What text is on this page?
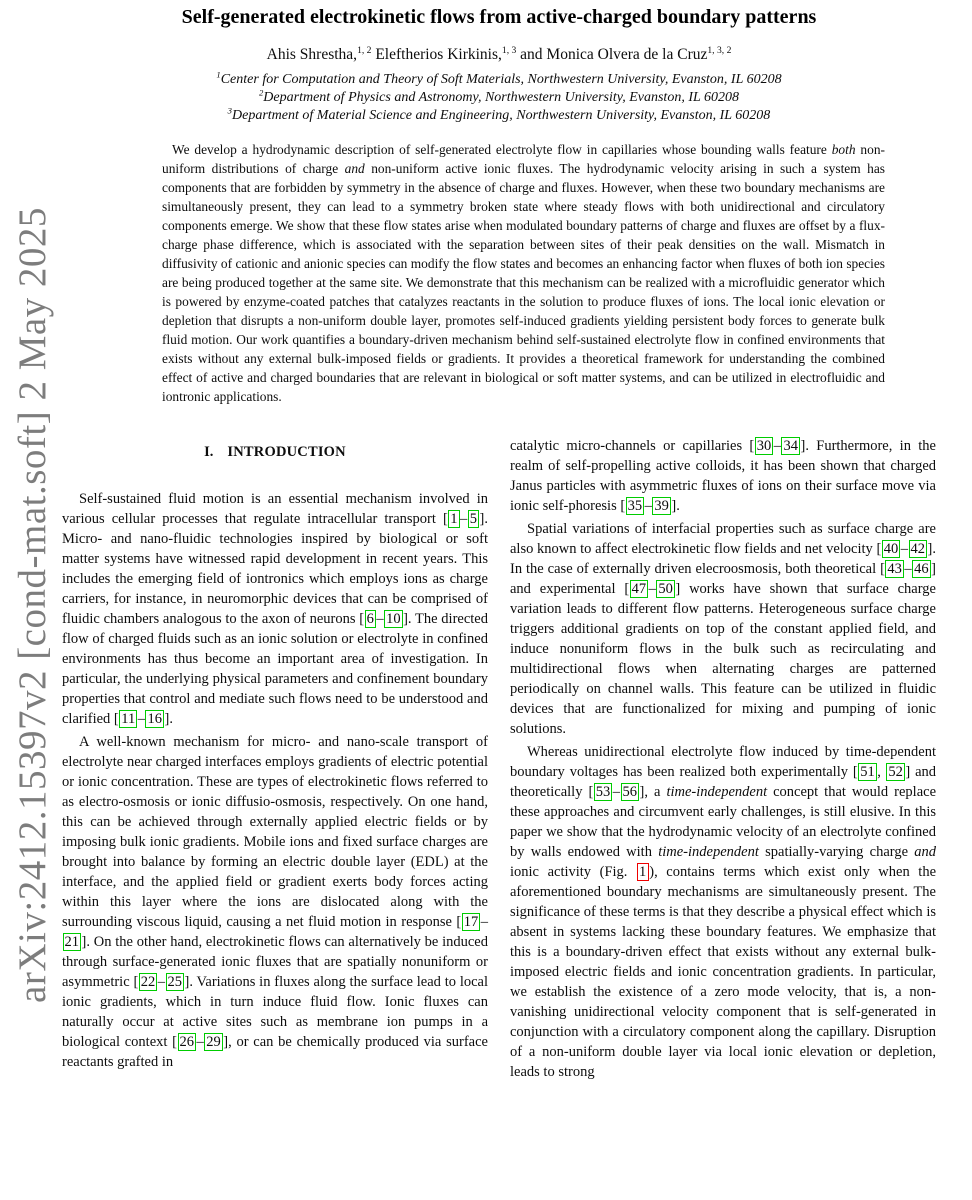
arXiv:2412.15397v2 [cond-mat.soft] 2 May 2025
Self-generated electrokinetic flows from active-charged boundary patterns
Ahis Shrestha,$^{1, 2}$ Eleftherios Kirkinis,$^{1, 3}$ and Monica Olvera de la Cruz$^{1, 3, 2}$

$^1$Center for Computation and Theory of Soft Materials, Northwestern University, Evanston, IL 60208

$^2$Department of Physics and Astronomy, Northwestern University, Evanston, IL 60208

$^3$Department of Material Science and Engineering, Northwestern University, Evanston, IL 60208

We develop a hydrodynamic description of self-generated electrolyte flow in capillaries whose bounding walls feature both non-uniform distributions of charge and non-uniform active ionic fluxes. The hydrodynamic velocity arising in such a system has components that are forbidden by symmetry in the absence of charge and fluxes. However, when these two boundary mechanisms are simultaneously present, they can lead to a symmetry broken state where steady flows with both unidirectional and circulatory components emerge. We show that these flow states arise when modulated boundary patterns of charge and fluxes are offset by a flux-charge phase difference, which is associated with the separation between sites of their peak densities on the wall. Mismatch in diffusivity of cationic and anionic species can modify the flow states and becomes an enhancing factor when fluxes of both ion species are being produced together at the same site. We demonstrate that this mechanism can be realized with a microfluidic generator which is powered by enzyme-coated patches that catalyzes reactants in the solution to produce fluxes of ions. The local ionic elevation or depletion that disrupts a non-uniform double layer, promotes self-induced gradients yielding persistent body forces to generate bulk fluid motion. Our work quantifies a boundary-driven mechanism behind self-sustained electrolyte flow in confined environments that exists without any external bulk-imposed fields or gradients. It provides a theoretical framework for understanding the combined effect of active and charged boundaries that are relevant in biological or soft matter systems, and can be utilized in electrofluidic and iontronic applications.

I. INTRODUCTION

Self-sustained fluid motion is an essential mechanism involved in various cellular processes that regulate intracellular transport [ 1 – 5 ]. Micro- and nano-fluidic technologies inspired by biological or soft matter systems have witnessed rapid development in recent years. This includes the emerging field of iontronics which employs ions as charge carriers, for instance, in neuromorphic devices that can be comprised of fluidic chambers analogous to the axon of neurons [ 6 – 10 ]. The directed flow of charged fluids such as an ionic solution or electrolyte in confined environments has thus become an important area of investigation. In particular, the underlying physical parameters and confinement boundary properties that control and mediate such flows need to be understood and clarified [ 11 – 16 ].

A well-known mechanism for micro- and nano-scale transport of electrolyte near charged interfaces employs gradients of electric potential or ionic concentration. These are types of electrokinetic flows referred to as electro-osmosis or ionic diffusio-osmosis, respectively. On one hand, this can be achieved through externally applied electric fields or by imposing bulk ionic gradients. Mobile ions and fixed surface charges are brought into balance by forming an electric double layer (EDL) at the interface, and the applied field or gradient exerts body forces acting within this layer where the ions are dislocated along with the surrounding viscous liquid, causing a net fluid motion in response [ 17 –21 ]. On the other hand, electrokinetic flows can alternatively be induced through surface-generated ionic fluxes that are spatially nonuniform or asymmetric [ 22 – 25 ]. Variations in fluxes along the surface lead to local ionic gradients, which in turn induce fluid flow. Ionic fluxes can naturally occur at active sites such as membrane ion pumps in a biological context [ 26 – 29 ], or can be chemically produced via surface reactants grafted in

catalytic micro-channels or capillaries [ 30 – 34 ]. Furthermore, in the realm of self-propelling active colloids, it has been shown that charged Janus particles with asymmetric fluxes of ions on their surface move via ionic self-phoresis [ 35 – 39 ].

Spatial variations of interfacial properties such as surface charge are also known to affect electrokinetic flow fields and net velocity [ 40 – 42 ]. In the case of externally driven elecroosmosis, both theoretical [ 43 – 46 ] and experimental [ 47 – 50 ] works have shown that surface charge variation leads to different flow patterns. Heterogeneous surface charge triggers additional gradients on top of the constant applied field, and induce nonuniform flows in the bulk such as recirculating and multidirectional flows when alternating charges are patterned periodically on channel walls. This feature can be utilized in fluidic devices that are functionalized for mixing and pumping of ionic solutions.

Whereas unidirectional electrolyte flow induced by time-dependent boundary voltages has been realized both experimentally [ 51 , 52 ] and theoretically [ 53 – 56 ], a time-independent concept that would replace these approaches and circumvent early challenges, is still elusive. In this paper we show that the hydrodynamic velocity of an electrolyte confined by walls endowed with time-independent spatially-varying charge and ionic activity (Fig. 1 ), contains terms which exist only when the aforementioned boundary mechanisms are simultaneously present. The significance of these terms is that they describe a physical effect which is absent in systems lacking these boundary features. We emphasize that this is a boundary-driven effect that exists without any external bulk-imposed electric fields and ionic concentration gradients. In particular, we establish the existence of a zero mode velocity, that is, a non-vanishing unidirectional velocity component that is self-generated in conjunction with a circulatory component along the capillary. Disruption of a non-uniform double layer via local ionic elevation or depletion, leads to strong
